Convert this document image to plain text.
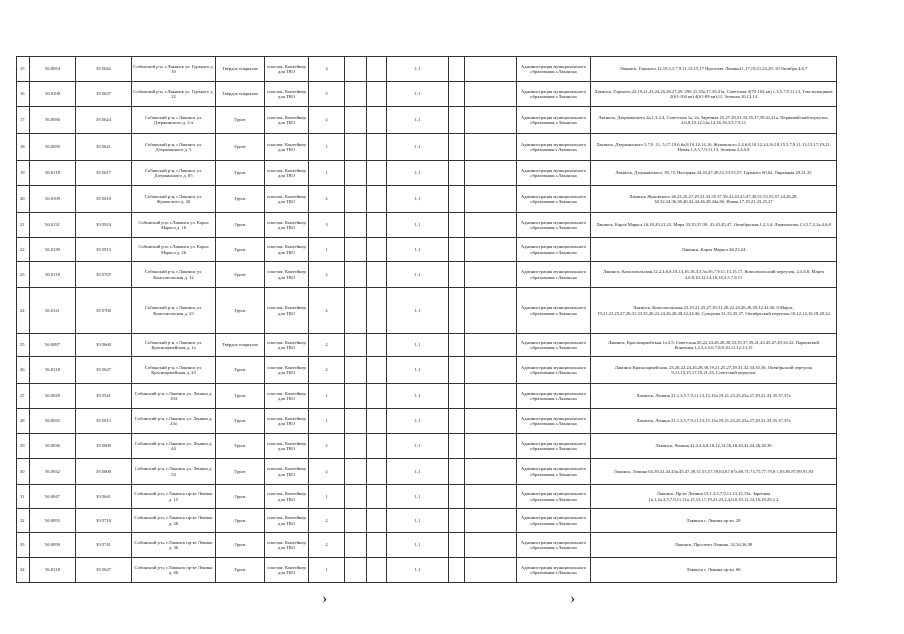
15	56.0054	39.5642	Собинский р-н, г.Лакинск ул. Горького д. 10	Твёрдое покрытие	пластик. Контейнер для ТКО	4			1,1			Администрация муниципального образования г.Лакинска	Лакинск, Горького,12,10,5,3,7,9,11,13,15,17 Проспект Ленина11,17,19,21,25,29, 10 Октября 4,6,7
16	56.0100	39.5637	Собинский р-н, г.Лакинск ул. Горького д. 22	Твёрдое покрытие	пластик. Контейнер для ТКО	5			1,1			Администрация муниципального образования г.Лакинска	Лакинск, Горького,22,19,21,23,24,25,26,27,29, 29б,31,33а,37,39,41а, Советская 4(75-104 кв),1,3,5,7,9,11,13, Текстильщиков 2(61-104 кв) 4(61-89 кв),11, Зеленая 10,12,14
17	56.0056	39.5624	Собинский р-н, г.Лакинск ул. Дзержинского д. 2-а	Грунт	пластик. Контейнер для ТКО	2			1,1			Администрация муниципального образования г.Лакинска	Лакинск, Дзержинского 2а,1,3,2,4, Советская 1а, 2а, Заречная 25,27,29,31,33,35,37,39,41,41а, Первомайский переулок, 4,6,8,10,12,12а,14,16,18,3,5,7,9,11
18	56.0059	39.5621	Собинский р-н, г.Лакинск ул. Дзержинского д. 5	Грунт	пластик. Контейнер для ТКО	1			1,1			Администрация муниципального образования г.Лакинска	Лакинск, Дзержинского 5,7,9 ,11, 5,17,19,6,6а,8,10,12,14,16, Жуковского 2,4,6,8,10,12,14,16,18,15,5,7,9,11,13,15,17,19,21, Новая 1,3,5,7,9,11,13, Зеленая 2,4,6,8
19	56.0118	39.5617	Собинский р-н, г.Лакинск ул. Дзержинского д. 85	Грунт	пластик. Контейнер для ТКО	1			1,1			Администрация муниципального образования г.Лакинска	Лакинск, Дзержинского, 85,72, Нагорная 43,45,47,49,51,53,55,57, Горького 60,62, Овражная 29,31,35
20	56.0109	39.5610	Собинский р-н, г.Лакинск ул. Жуковского д. 26	Грунт	пластик. Контейнер для ТКО	2			1,1			Администрация муниципального образования г.Лакинска	Лакинск Жуковского 26,23,25,27,29,31,33,35,37,39,41,43,45,47,49,51,53,55,57,24,26,28, 30,32,34,36,38,40,42,44,46,48,44а,60, Новая 17,19,21,23,25,27
21	56.0131	39.5924	Собинский р-н, г.Лакинск ул. Карла Маркса д. 16	Грунт	пластик. Контейнер для ТКО	3			1,1			Администрация муниципального образования г.Лакинска	Лакинск, Карла Маркса,16,18,20,21,22, Мира 33,35,37,39, 41,43,45,47, Октябрьская,1,2,3,4, Лермонтова,1,3,5,7,2,2а,4,6,8
22	56.0139	39.5913	Собинский р-н, г.Лакинск ул. Карла Маркса д. 26	Грунт	пластик. Контейнер для ТКО	1			1,1			Администрация муниципального образования г.Лакинска	Лакинск, Карла Маркса 26,23,24
23	56.0118	39.5707	Собинский р-н, г.Лакинск ул. Комсомольская д. 12	Грунт	пластик. Контейнер для ТКО	2			1,1			Администрация муниципального образования г.Лакинска	Лакинск, Комсомольская,12,2,4,6,8,10,14,16,18,3,5,5а,5б,7,9,11,13,15,17, Комсомольский переулок, 2,4,6,8, Марта 4,6,8,10,12,14,16,18,3,5,7,9,11
24	56.0121	39.5700	Собинский р-н, г.Лакинск ул. Комсомольская д. 23	Грунт	пластик. Контейнер для ТКО	2			1,1			Администрация муниципального образования г.Лакинска	Лакинск, Комсомольская,23,19,21,25,27,29,31,20,22,24,26,28,30,32,34,36, 8 Марта, 19,21,23,25,27,29,31,33,35,20,22,24,26,28,30,32,34,36, Суворова 31,33,35,37, Октябрьский переулок,10,12,14,16,18,20,22
25	56.0097	39.5660	Собинский р-н, г.Лакинск ул. Красноармейская д. 1а	Твёрдое покрытие	пластик. Контейнер для ТКО	2			1,1			Администрация муниципального образования г.Лакинска	Лакинск, Красноармейская,1а,3,5, Советская 20,22,24,26,28,30,33,35,37,39,41,43,45,47,49,34,32, Парковский Конечная,1,2,3,4,5,6,7,8,9,10,11,12,13,15
26	56.0118	39.5647	Собинский р-н, г.Лакинск ул. Красноармейская д. 23	Грунт	пластик. Контейнер для ТКО	2			1,1			Администрация муниципального образования г.Лакинска	Лакинск Красноармейская, 23,20,22,24,26,28,30,19,21,25,27,29,31,32,34,35,36, Октябрьский переулок 9,11,13,15,17,19,21,23, Советский переулок
27	56.0029	39.5541	Собинский р-н, г.Лакинск ул. Ленина д. 104	Грунт	пластик. Контейнер для ТКО	1			1,1			Администрация муниципального образования г.Лакинска	Лакинск, Ленина 21,1,3,5,7,9,11,13,15,15а,19,21,23,25,25а,27,29,31,33,35,37,37а
28	56.0035	39.5613	Собинский р-н, г.Лакинск ул. Ленина д. 23а	Грунт	пластик. Контейнер для ТКО	1			1,1			Администрация муниципального образования г.Лакинска	Лакинск, Ленина 21,1,3,5,7,9,11,13,15,15а,19,21,23,25,25а,27,29,31,33,35,37,37а
29	56.0036	39.5609	Собинский р-н, г.Лакинск ул. Ленина д. 44	Грунт	пластик. Контейнер для ТКО	2			1,1			Администрация муниципального образования г.Лакинска	Лакинск, Ленина 42,2,4,6,8,10,12,14,16,18,20,22,24,26,28,30
30	56.0032	39.5600	Собинский р-н, г.Лакинск ул. Ленина д. 53	Грунт	пластик. Контейнер для ТКО	2			1,1			Администрация муниципального образования г.Лакинска	Лакинск, Ленина 63,39,41,43,43а,45,47,49,51,55,57,59,63,67,67а,69,71,73,75,77,79,8 1,83,85,87,89,91,93
31	56.0047	39.5641	Собинский р-н, г.Лакинск пр-кт Ленина д. 15	Грунт	пластик. Контейнер для ТКО	1			1,1			Администрация муниципального образования г.Лакинска	Лакинск, Пр-кт Ленина,15,1,3,5,7,9,11,13,15,15а, Заречная 1а,1,2а,3,5,7,9,11,11а,13,15,17,19,21,23,2,4,6,8,10,12,14,16,18,20,2 2
32	56.0055	39.5710	Собинский р-н, г.Лакинск пр-кт Ленина д. 28	Грунт	пластик. Контейнер для ТКО	2			1,1			Администрация муниципального образования г.Лакинска	Лакинск г, Ленина пр-кт, 29
33	56.0059	39.5741	Собинский р-н, г.Лакинск пр-кт Ленина д. 36	Грунт	пластик. Контейнер для ТКО	2			1,1			Администрация муниципального образования г.Лакинска	Лакинск, Проспект Ленина, 32,34,36,38
34	56.0118	39.5647	Собинский р-н, г.Лакинск пр-кт Ленина д. 66	Грунт	пластик. Контейнер для ТКО	1			1,1			Администрация муниципального образования г.Лакинска	Лакинск г, Ленина пр-кт, 66
›	›
